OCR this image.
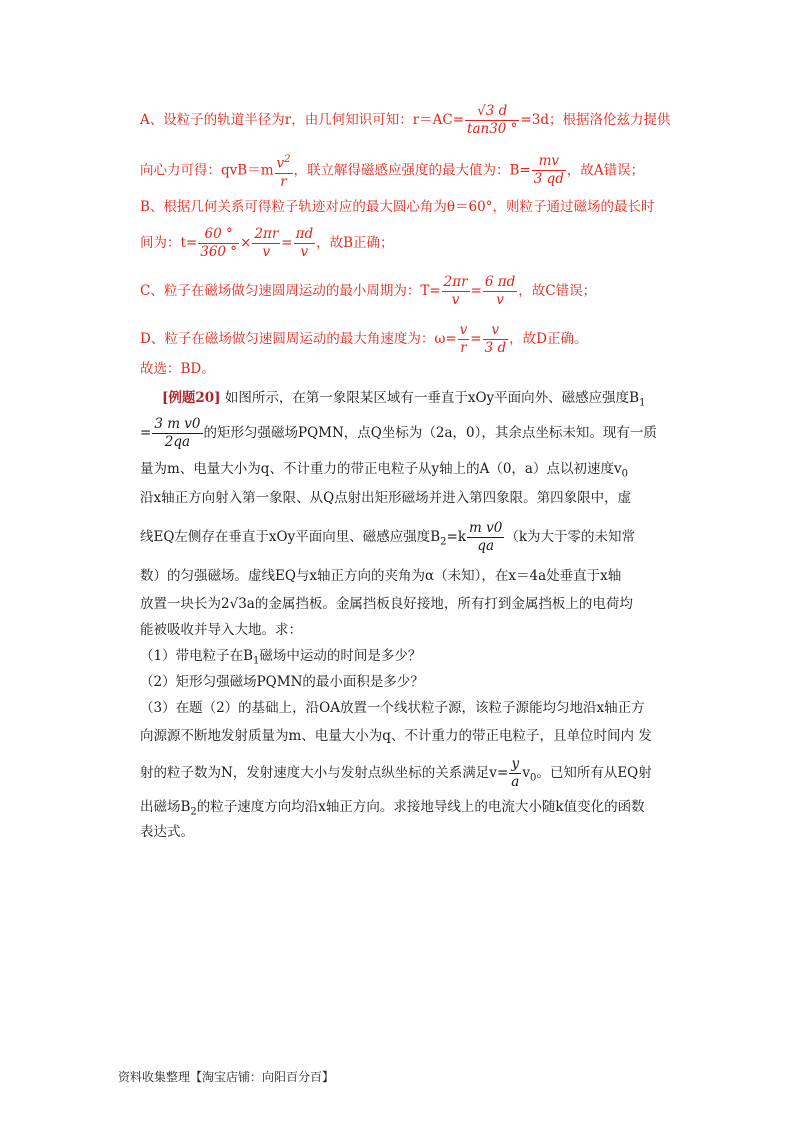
A、设粒子的轨道半径为r，由几何知识可知：$r=AC= \frac{√3 d}{\tan 30 ^\circ} =3d$；根据洛伦兹力提供
向心力可得：$qvB=m \frac{v^2}{r}$ ，联立解得磁感应强度的最大值为：$B= \frac{mv}{3 qd}$ ，故A错误；
B、根据几何关系可得粒子轨迹对应的最大圆心角为θ＝60°，则粒子通过磁场的最长时
间为：$t= \frac{60 ^\circ}{360 ^\circ} \times \frac{2\pi r}{v} = \frac{\pi d}{v}$ ，故B正确；
C、粒子在磁场做匀速圆周运动的最小周期为：$T= \frac{2\pi r}{v} = \frac{6 \pi d}{v}$ ，故C错误；
D、粒子在磁场做匀速圆周运动的最大角速度为：$\omega= \frac{v}{r} = \frac{v}{3 d}$ ，故D正确。
故选：BD。
[例题20] 如图所示，在第一象限某区域有一垂直于xOy平面向外、磁感应强度$B_1$
= $\frac{\text{3 m v0}}{2qa}$ 的矩形匀强磁场PQMN，点Q坐标为（2a，0），其余点坐标未知。现有一质
量为m、电量大小为q、不计重力的带正电粒子从y轴上的A（0，a）点以初速度$v_0$
沿x轴正方向射入第一象限、从Q点射出矩形磁场并进入第四象限。第四象限中，虚
线EQ左侧存在垂直于xOy平面向里、磁感应强度$B_2=k \frac{\text{m v0}}{qa} (k$为大于零的未知常
数）的匀强磁场。虚线EQ与x轴正方向的夹角为α（未知），在x＝4a处垂直于x轴
放置一块长为2√3a的金属挡板。金属挡板良好接地，所有打到金属挡板上的电荷均
能被吸收并导入大地。求：
（1）带电粒子在$B_1$磁场中运动的时间是多少？
（2）矩形匀强磁场PQMN的最小面积是多少？
（3）在题（2）的基础上，沿OA放置一个线状粒子源，该粒子源能均匀地沿x轴正方
向源源不断地发射质量为m、电量大小为q、不计重力的带正电粒子，且单位时间内 发
射的粒子数为N，发射速度大小与发射点纵坐标的关系满足$v= \frac{y}{a} v_0$。已知所有从EQ射
出磁场$B_2$的粒子速度方向均沿x轴正方向。求接地导线上的电流大小随k值变化的函数
表达式。
资料收集整理【淘宝店铺：向阳百分百】
